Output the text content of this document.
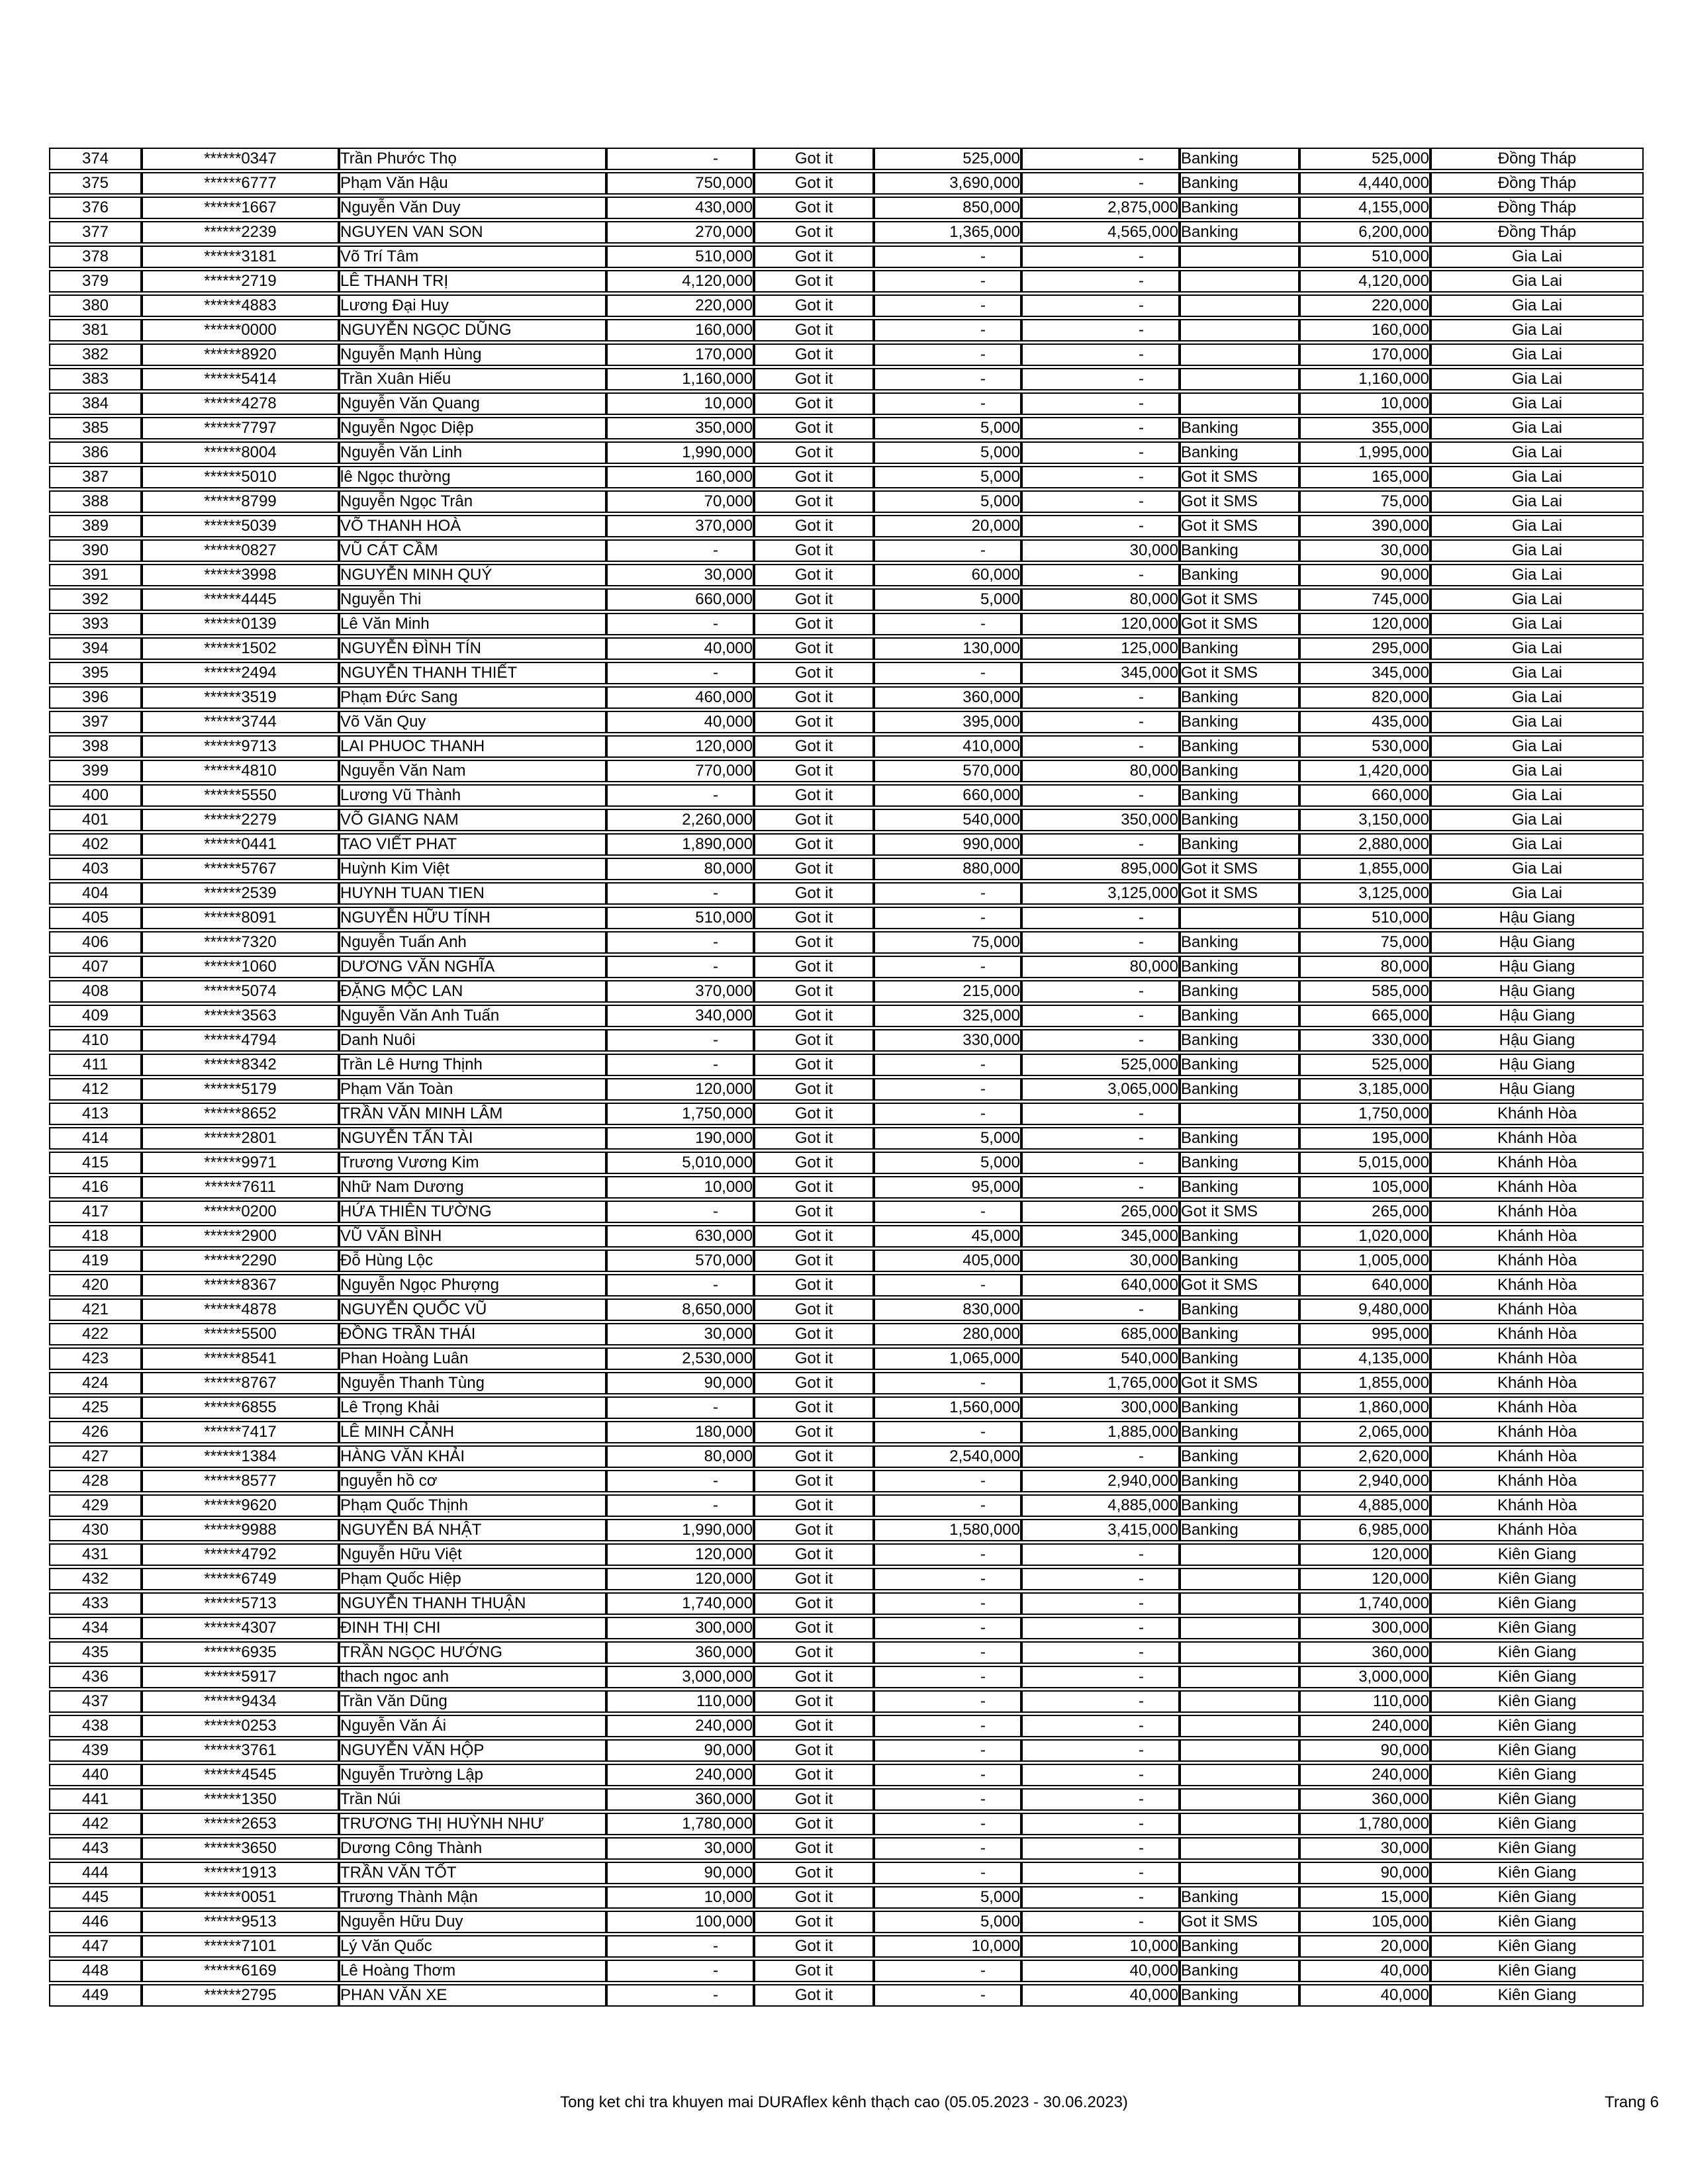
374	******0347	Trần Phước Thọ	-	Got it	525,000	-	Banking	525,000	Đồng Tháp
375	******6777	Phạm Văn Hậu	750,000	Got it	3,690,000	-	Banking	4,440,000	Đồng Tháp
376	******1667	Nguyễn Văn Duy	430,000	Got it	850,000	2,875,000	Banking	4,155,000	Đồng Tháp
377	******2239	NGUYEN VAN SON	270,000	Got it	1,365,000	4,565,000	Banking	6,200,000	Đồng Tháp
378	******3181	Võ Trí Tâm	510,000	Got it	-	-		510,000	Gia Lai
379	******2719	LÊ THANH TRỊ	4,120,000	Got it	-	-		4,120,000	Gia Lai
380	******4883	Lương Đại Huy	220,000	Got it	-	-		220,000	Gia Lai
381	******0000	NGUYỄN NGỌC DŨNG	160,000	Got it	-	-		160,000	Gia Lai
382	******8920	Nguyễn Mạnh Hùng	170,000	Got it	-	-		170,000	Gia Lai
383	******5414	Trần Xuân Hiếu	1,160,000	Got it	-	-		1,160,000	Gia Lai
384	******4278	Nguyễn Văn Quang	10,000	Got it	-	-		10,000	Gia Lai
385	******7797	Nguyễn Ngọc Diệp	350,000	Got it	5,000	-	Banking	355,000	Gia Lai
386	******8004	Nguyễn Văn Linh	1,990,000	Got it	5,000	-	Banking	1,995,000	Gia Lai
387	******5010	lê Ngọc thường	160,000	Got it	5,000	-	Got it SMS	165,000	Gia Lai
388	******8799	Nguyễn Ngọc Trân	70,000	Got it	5,000	-	Got it SMS	75,000	Gia Lai
389	******5039	VÕ THANH HOÀ	370,000	Got it	20,000	-	Got it SMS	390,000	Gia Lai
390	******0827	VŨ CÁT CẦM	-	Got it	-	30,000	Banking	30,000	Gia Lai
391	******3998	NGUYỄN MINH QUÝ	30,000	Got it	60,000	-	Banking	90,000	Gia Lai
392	******4445	Nguyễn Thi	660,000	Got it	5,000	80,000	Got it SMS	745,000	Gia Lai
393	******0139	Lê Văn Minh	-	Got it	-	120,000	Got it SMS	120,000	Gia Lai
394	******1502	NGUYỄN ĐÌNH TÍN	40,000	Got it	130,000	125,000	Banking	295,000	Gia Lai
395	******2494	NGUYỄN THANH THIẾT	-	Got it	-	345,000	Got it SMS	345,000	Gia Lai
396	******3519	Phạm Đức Sang	460,000	Got it	360,000	-	Banking	820,000	Gia Lai
397	******3744	Võ Văn Quy	40,000	Got it	395,000	-	Banking	435,000	Gia Lai
398	******9713	LAI PHUOC THANH	120,000	Got it	410,000	-	Banking	530,000	Gia Lai
399	******4810	Nguyễn Văn Nam	770,000	Got it	570,000	80,000	Banking	1,420,000	Gia Lai
400	******5550	Lương Vũ Thành	-	Got it	660,000	-	Banking	660,000	Gia Lai
401	******2279	VÕ GIANG NAM	2,260,000	Got it	540,000	350,000	Banking	3,150,000	Gia Lai
402	******0441	TAO VIẾT PHAT	1,890,000	Got it	990,000	-	Banking	2,880,000	Gia Lai
403	******5767	Huỳnh Kim Việt	80,000	Got it	880,000	895,000	Got it SMS	1,855,000	Gia Lai
404	******2539	HUYNH TUAN TIEN	-	Got it	-	3,125,000	Got it SMS	3,125,000	Gia Lai
405	******8091	NGUYỄN HỮU TÍNH	510,000	Got it	-	-		510,000	Hậu Giang
406	******7320	Nguyễn Tuấn Anh	-	Got it	75,000	-	Banking	75,000	Hậu Giang
407	******1060	DƯƠNG VĂN NGHĨA	-	Got it	-	80,000	Banking	80,000	Hậu Giang
408	******5074	ĐẶNG MỘC LAN	370,000	Got it	215,000	-	Banking	585,000	Hậu Giang
409	******3563	Nguyễn Văn Anh Tuấn	340,000	Got it	325,000	-	Banking	665,000	Hậu Giang
410	******4794	Danh Nuôi	-	Got it	330,000	-	Banking	330,000	Hậu Giang
411	******8342	Trần Lê Hưng Thịnh	-	Got it	-	525,000	Banking	525,000	Hậu Giang
412	******5179	Phạm Văn Toàn	120,000	Got it	-	3,065,000	Banking	3,185,000	Hậu Giang
413	******8652	TRẦN VĂN MINH LÂM	1,750,000	Got it	-	-		1,750,000	Khánh Hòa
414	******2801	NGUYỄN TẤN TÀI	190,000	Got it	5,000	-	Banking	195,000	Khánh Hòa
415	******9971	Trương Vương Kim	5,010,000	Got it	5,000	-	Banking	5,015,000	Khánh Hòa
416	******7611	Nhữ Nam Dương	10,000	Got it	95,000	-	Banking	105,000	Khánh Hòa
417	******0200	HỨA THIÊN TƯỜNG	-	Got it	-	265,000	Got it SMS	265,000	Khánh Hòa
418	******2900	VŨ VĂN BÌNH	630,000	Got it	45,000	345,000	Banking	1,020,000	Khánh Hòa
419	******2290	Đỗ Hùng Lộc	570,000	Got it	405,000	30,000	Banking	1,005,000	Khánh Hòa
420	******8367	Nguyễn Ngọc Phượng	-	Got it	-	640,000	Got it SMS	640,000	Khánh Hòa
421	******4878	NGUYỄN QUỐC VŨ	8,650,000	Got it	830,000	-	Banking	9,480,000	Khánh Hòa
422	******5500	ĐỒNG TRẦN THÁI	30,000	Got it	280,000	685,000	Banking	995,000	Khánh Hòa
423	******8541	Phan Hoàng Luân	2,530,000	Got it	1,065,000	540,000	Banking	4,135,000	Khánh Hòa
424	******8767	Nguyễn Thanh Tùng	90,000	Got it	-	1,765,000	Got it SMS	1,855,000	Khánh Hòa
425	******6855	Lê Trọng Khải	-	Got it	1,560,000	300,000	Banking	1,860,000	Khánh Hòa
426	******7417	LÊ MINH CẢNH	180,000	Got it	-	1,885,000	Banking	2,065,000	Khánh Hòa
427	******1384	HÀNG VĂN KHẢI	80,000	Got it	2,540,000	-	Banking	2,620,000	Khánh Hòa
428	******8577	nguyễn hồ cơ	-	Got it	-	2,940,000	Banking	2,940,000	Khánh Hòa
429	******9620	Phạm Quốc Thịnh	-	Got it	-	4,885,000	Banking	4,885,000	Khánh Hòa
430	******9988	NGUYỄN BÁ NHẬT	1,990,000	Got it	1,580,000	3,415,000	Banking	6,985,000	Khánh Hòa
431	******4792	Nguyễn Hữu Việt	120,000	Got it	-	-		120,000	Kiên Giang
432	******6749	Phạm Quốc Hiệp	120,000	Got it	-	-		120,000	Kiên Giang
433	******5713	NGUYỄN THANH THUẬN	1,740,000	Got it	-	-		1,740,000	Kiên Giang
434	******4307	ĐINH THỊ CHI	300,000	Got it	-	-		300,000	Kiên Giang
435	******6935	TRẦN NGỌC HƯỚNG	360,000	Got it	-	-		360,000	Kiên Giang
436	******5917	thach ngoc anh	3,000,000	Got it	-	-		3,000,000	Kiên Giang
437	******9434	Trần Văn Dũng	110,000	Got it	-	-		110,000	Kiên Giang
438	******0253	Nguyễn Văn Ái	240,000	Got it	-	-		240,000	Kiên Giang
439	******3761	NGUYỄN VĂN HỘP	90,000	Got it	-	-		90,000	Kiên Giang
440	******4545	Nguyễn Trường Lập	240,000	Got it	-	-		240,000	Kiên Giang
441	******1350	Trần Núi	360,000	Got it	-	-		360,000	Kiên Giang
442	******2653	TRƯƠNG THỊ HUỲNH NHƯ	1,780,000	Got it	-	-		1,780,000	Kiên Giang
443	******3650	Dương Công Thành	30,000	Got it	-	-		30,000	Kiên Giang
444	******1913	TRẦN VĂN TỐT	90,000	Got it	-	-		90,000	Kiên Giang
445	******0051	Trương Thành Mận	10,000	Got it	5,000	-	Banking	15,000	Kiên Giang
446	******9513	Nguyễn Hữu Duy	100,000	Got it	5,000	-	Got it SMS	105,000	Kiên Giang
447	******7101	Lý Văn Quốc	-	Got it	10,000	10,000	Banking	20,000	Kiên Giang
448	******6169	Lê Hoàng Thơm	-	Got it	-	40,000	Banking	40,000	Kiên Giang
449	******2795	PHAN VĂN XE	-	Got it	-	40,000	Banking	40,000	Kiên Giang
Tong ket chi tra khuyen mai DURAflex kênh thạch cao (05.05.2023 - 30.06.2023)	Trang 6
